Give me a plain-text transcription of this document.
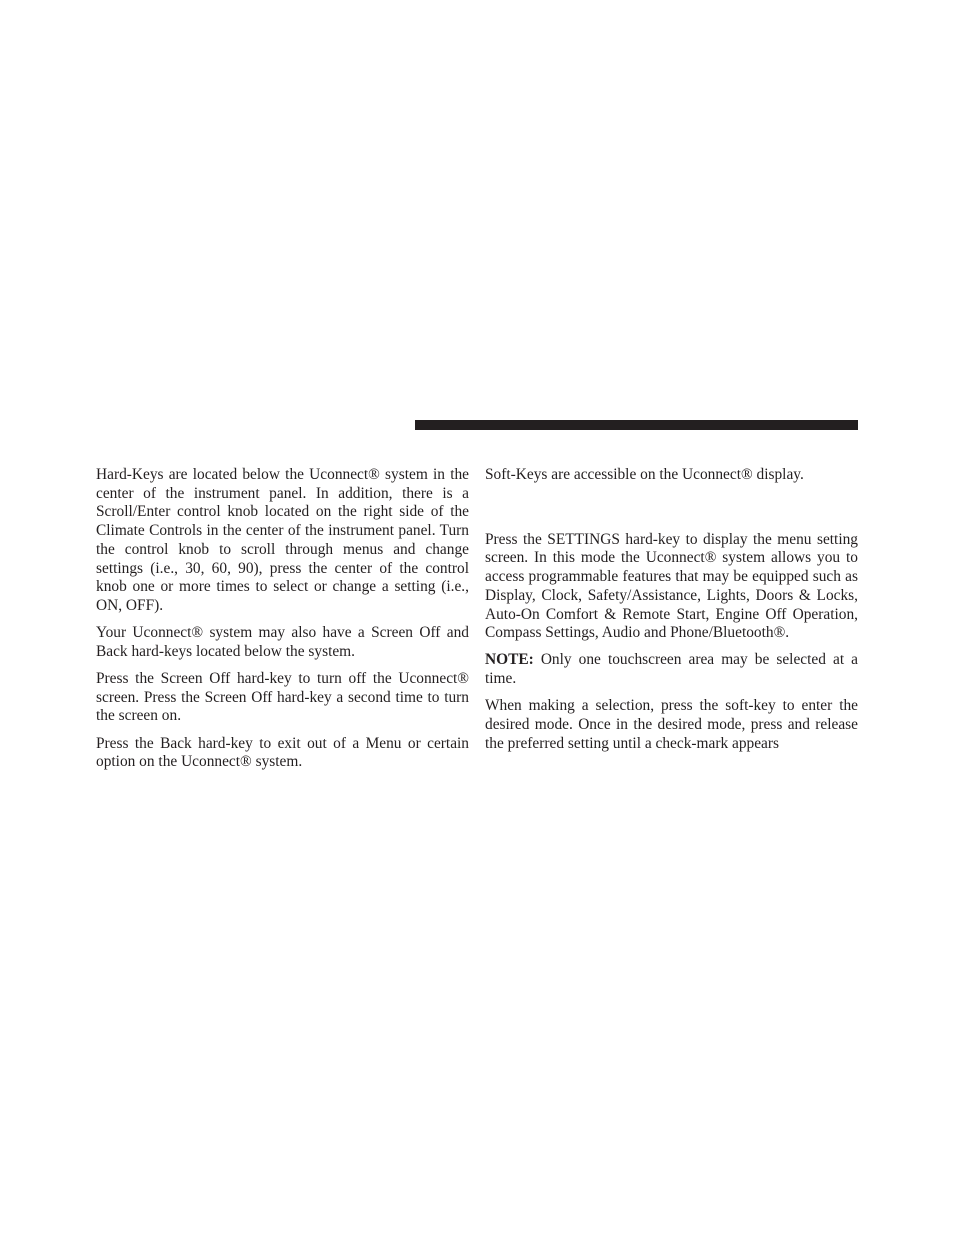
Hard-Keys are located below the Uconnect® system in the center of the instrument panel. In addition, there is a Scroll/Enter control knob located on the right side of the Climate Controls in the center of the instrument panel. Turn the control knob to scroll through menus and change settings (i.e., 30, 60, 90), press the center of the control knob one or more times to select or change a setting (i.e., ON, OFF).

Your Uconnect® system may also have a Screen Off and Back hard-keys located below the system.

Press the Screen Off hard-key to turn off the Uconnect® screen. Press the Screen Off hard-key a second time to turn the screen on.

Press the Back hard-key to exit out of a Menu or certain option on the Uconnect® system.

Soft-Keys are accessible on the Uconnect® display.

Press the SETTINGS hard-key to display the menu setting screen. In this mode the Uconnect® system allows you to access programmable features that may be equipped such as Display, Clock, Safety/Assistance, Lights, Doors & Locks, Auto-On Comfort & Remote Start, Engine Off Operation, Compass Settings, Audio and Phone/Bluetooth®.

NOTE: Only one touchscreen area may be selected at a time.

When making a selection, press the soft-key to enter the desired mode. Once in the desired mode, press and release the preferred setting until a check-mark appears
